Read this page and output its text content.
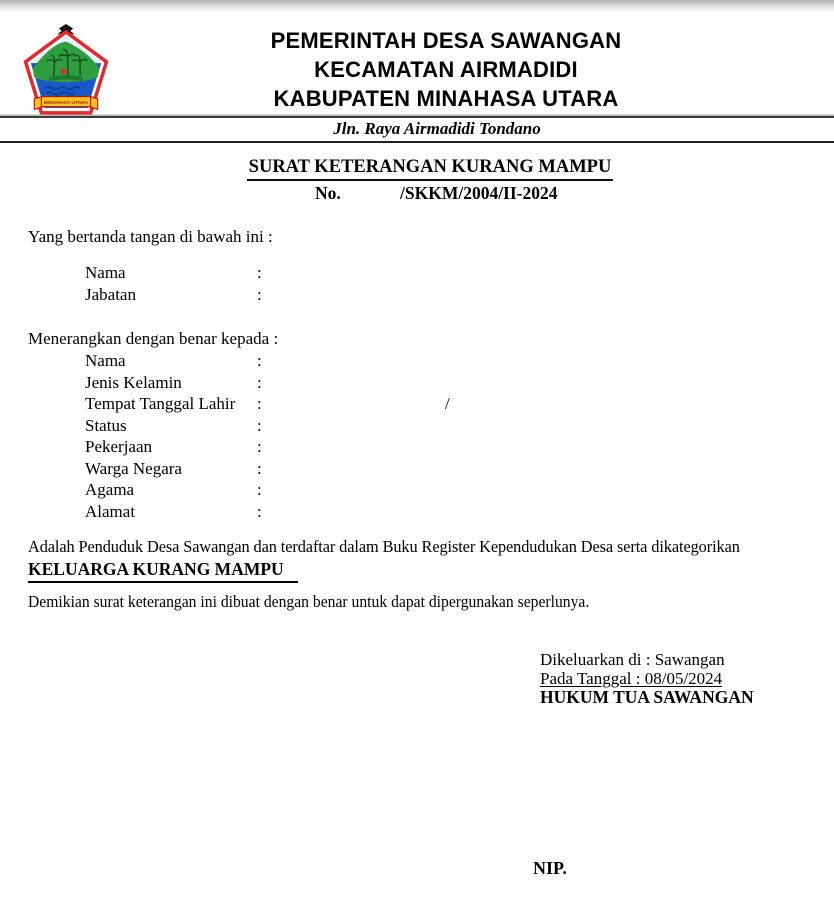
MINAHASA UTARA
PEMERINTAH DESA SAWANGAN
KECAMATAN AIRMADIDI
KABUPATEN MINAHASA UTARA
Jln. Raya Airmadidi Tondano
SURAT KETERANGAN KURANG MAMPU
No.	/SKKM/2004/II-2024
Yang bertanda tangan di bawah ini :
Nama	:
Jabatan	:
Menerangkan dengan benar kepada :
Nama	:
Jenis Kelamin	:
Tempat Tanggal Lahir :	/
Status	:
Pekerjaan	:
Warga Negara	:
Agama	:
Alamat	:
Adalah Penduduk Desa Sawangan dan terdaftar dalam Buku Register Kependudukan Desa serta dikategorikan
KELUARGA KURANG MAMPU
Demikian surat keterangan ini dibuat dengan benar untuk dapat dipergunakan seperlunya.
Dikeluarkan di : Sawangan
Pada Tanggal : 08/05/2024
HUKUM TUA SAWANGAN
NIP.
